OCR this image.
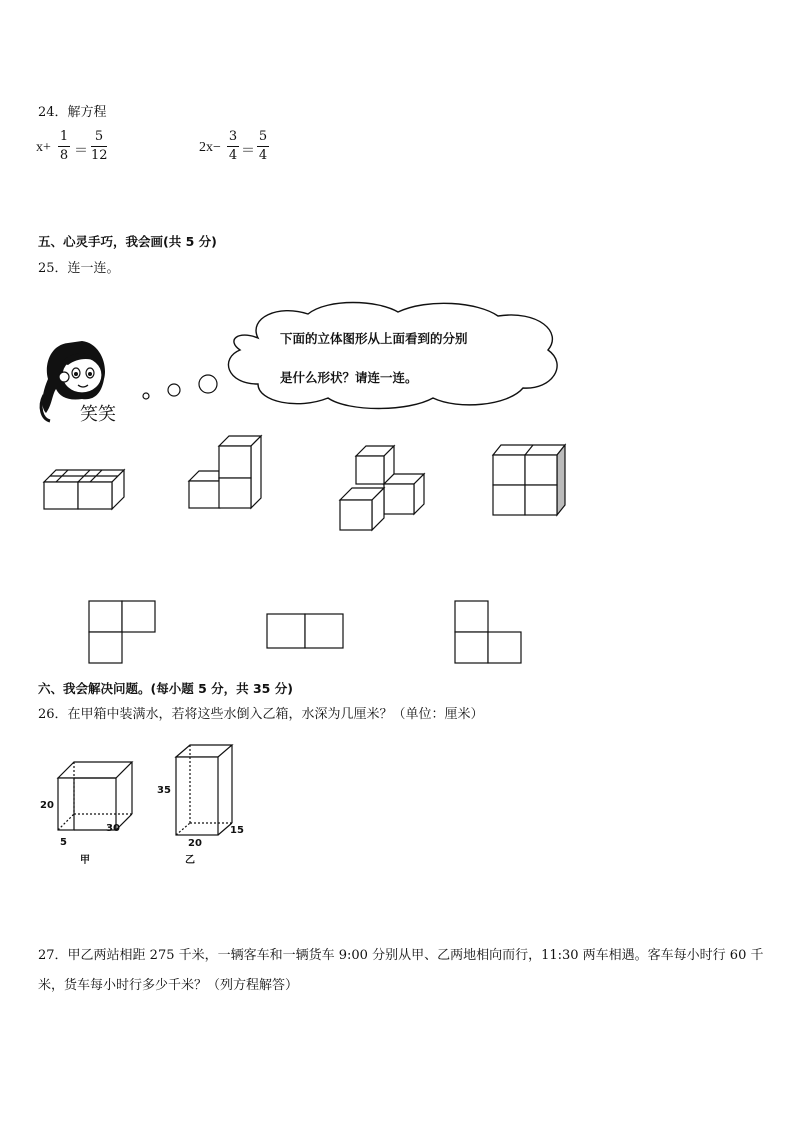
24．解方程
x+
1
8 ＝
5
12
2x−
3
4 ＝
5
4
五、心灵手巧，我会画(共 5 分)
25．连一连。
笑笑
下面的立体图形从上面看到的分别
是什么形状？请连一连。
六、我会解决问题。(每小题 5 分，共 35 分)
26．在甲箱中装满水，若将这些水倒入乙箱，水深为几厘米？（单位：厘米）
20
5
30
甲
35
20
15
乙
27．甲乙两站相距 275 千米，一辆客车和一辆货车 9:00 分别从甲、乙两地相向而行，11:30 两车相遇。客车每小时行 60 千米，货车每小时行多少千米？（列方程解答）
